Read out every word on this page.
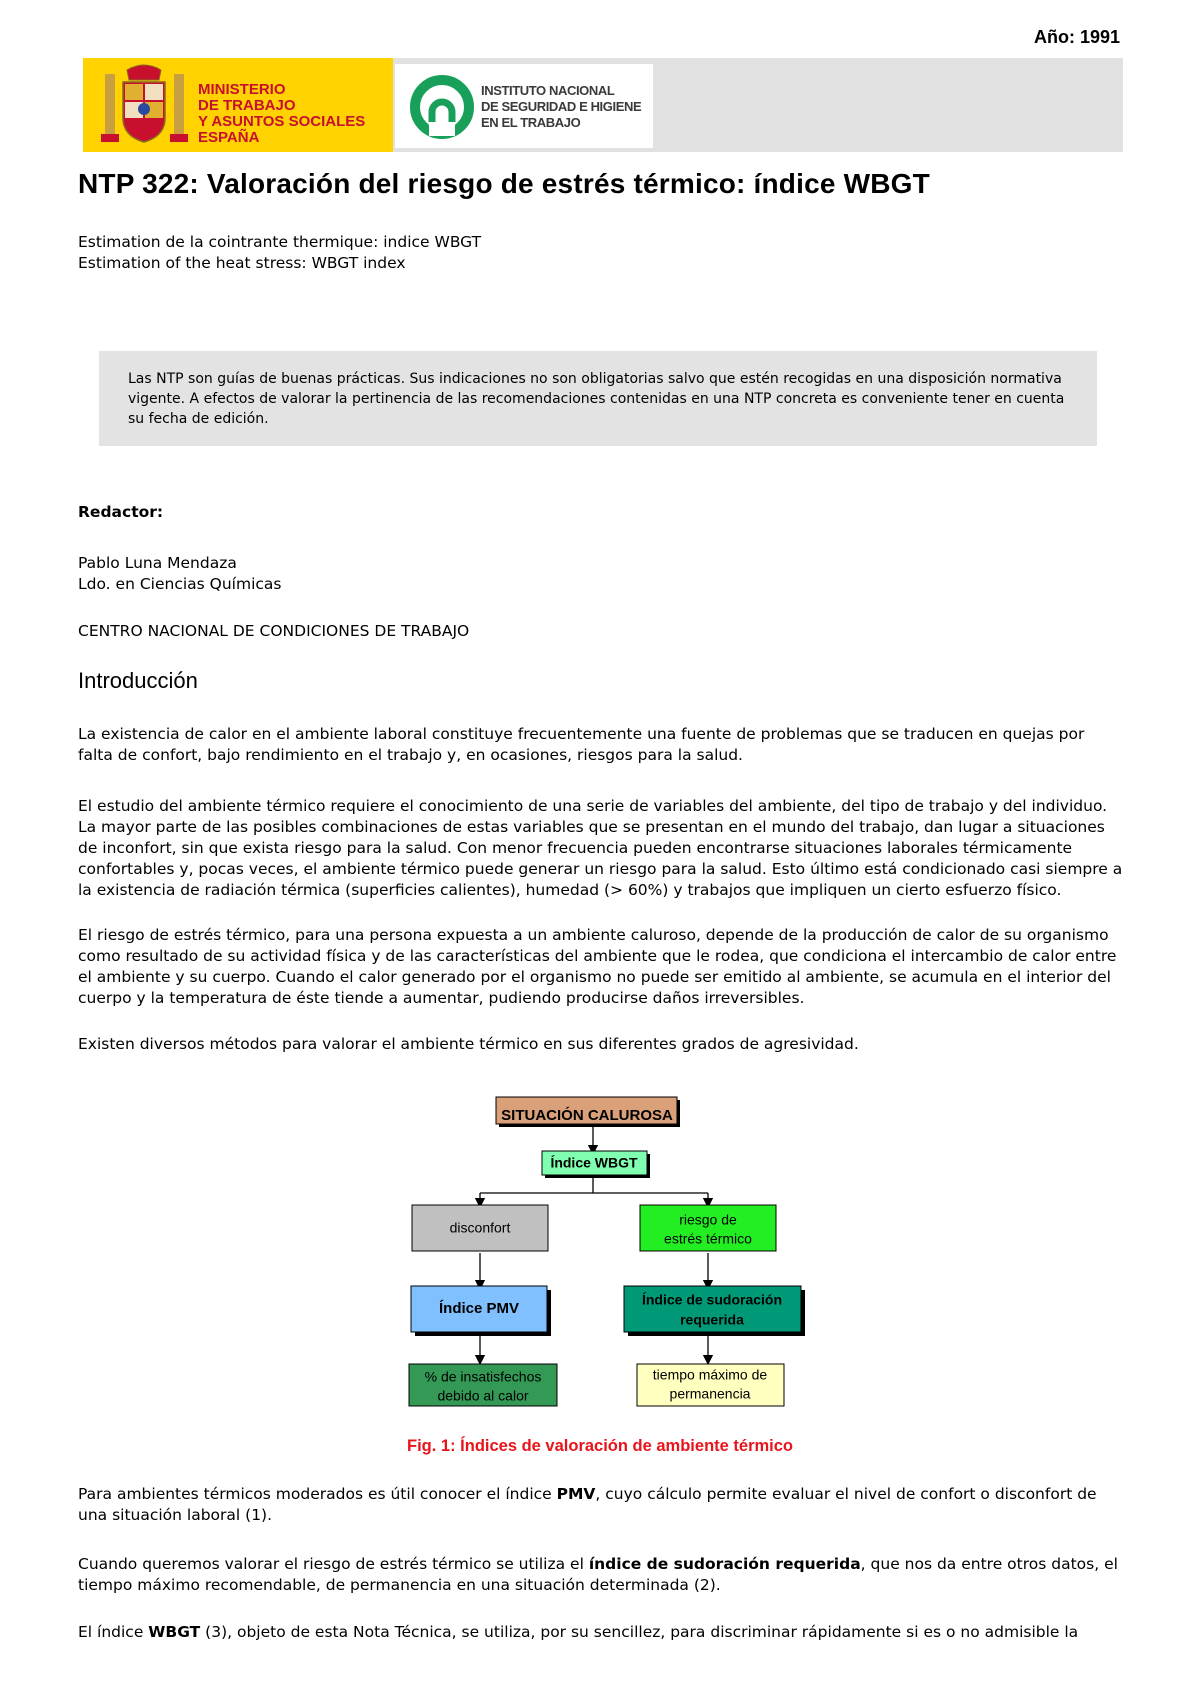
Año: 1991
MINISTERIO
DE TRABAJO
Y ASUNTOS SOCIALES
ESPAÑA
INSTITUTO NACIONAL
DE SEGURIDAD E HIGIENE
EN EL TRABAJO
NTP 322: Valoración del riesgo de estrés térmico: índice WBGT
Estimation de la cointrante thermique: indice WBGT
Estimation of the heat stress: WBGT index

Las NTP son guías de buenas prácticas. Sus indicaciones no son obligatorias salvo que estén recogidas en una disposición normativa vigente. A efectos de valorar la pertinencia de las recomendaciones contenidas en una NTP concreta es conveniente tener en cuenta su fecha de edición.

Redactor:
Pablo Luna Mendaza
Ldo. en Ciencias Químicas
CENTRO NACIONAL DE CONDICIONES DE TRABAJO
Introducción

La existencia de calor en el ambiente laboral constituye frecuentemente una fuente de problemas que se traducen en quejas por falta de confort, bajo rendimiento en el trabajo y, en ocasiones, riesgos para la salud.

El estudio del ambiente térmico requiere el conocimiento de una serie de variables del ambiente, del tipo de trabajo y del individuo. La mayor parte de las posibles combinaciones de estas variables que se presentan en el mundo del trabajo, dan lugar a situaciones de inconfort, sin que exista riesgo para la salud. Con menor frecuencia pueden encontrarse situaciones laborales térmicamente confortables y, pocas veces, el ambiente térmico puede generar un riesgo para la salud. Esto último está condicionado casi siempre a la existencia de radiación térmica (superficies calientes), humedad (> 60%) y trabajos que impliquen un cierto esfuerzo físico.

El riesgo de estrés térmico, para una persona expuesta a un ambiente caluroso, depende de la producción de calor de su organismo como resultado de su actividad física y de las características del ambiente que le rodea, que condiciona el intercambio de calor entre el ambiente y su cuerpo. Cuando el calor generado por el organismo no puede ser emitido al ambiente, se acumula en el interior del cuerpo y la temperatura de éste tiende a aumentar, pudiendo producirse daños irreversibles.

Existen diversos métodos para valorar el ambiente térmico en sus diferentes grados de agresividad.

SITUACIÓN CALUROSA
Índice WBGT
disconfort	riesgo de
estrés térmico
Índice PMV
Índice de sudoración
requerida
% de insatisfechos
debido al calor
tiempo máximo de
permanencia
Fig. 1: Índices de valoración de ambiente térmico

Para ambientes térmicos moderados es útil conocer el índice PMV, cuyo cálculo permite evaluar el nivel de confort o disconfort de una situación laboral (1).

Cuando queremos valorar el riesgo de estrés térmico se utiliza el índice de sudoración requerida, que nos da entre otros datos, el tiempo máximo recomendable, de permanencia en una situación determinada (2).

El índice WBGT (3), objeto de esta Nota Técnica, se utiliza, por su sencillez, para discriminar rápidamente si es o no admisible la
